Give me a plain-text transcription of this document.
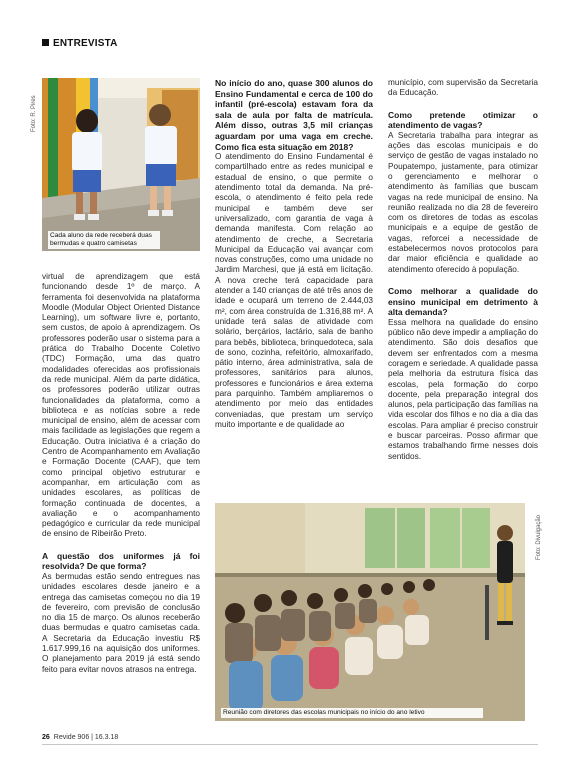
ENTREVISTA
Cada aluno da rede receberá duas bermudas e quatro camisetas
Foto: R. Pires

virtual de aprendizagem que está funcionando desde 1º de março. A ferramenta foi desenvolvida na plataforma Moodle (Modular Object Oriented Distance Learning), um software livre e, portanto, sem custos, de apoio à aprendizagem. Os professores poderão usar o sistema para a prática do Trabalho Docente Coletivo (TDC) Formação, uma das quatro modalidades oferecidas aos profissionais da rede municipal. Além da parte didática, os professores poderão utilizar outras funcionalidades da plataforma, como a biblioteca e as notícias sobre a rede municipal de ensino, além de acessar com mais facilidade as legislações que regem a Educação. Outra iniciativa é a criação do Centro de Acompanhamento em Avaliação e Formação Docente (CAAF), que tem como principal objetivo estruturar e acompanhar, em articulação com as unidades escolares, as políticas de formação continuada de docentes, a avaliação e o acompanhamento pedagógico e curricular da rede municipal de ensino de Ribeirão Preto.

A questão dos uniformes já foi resolvida? De que forma?

As bermudas estão sendo entregues nas unidades escolares desde janeiro e a entrega das camisetas começou no dia 19 de fevereiro, com previsão de conclusão no dia 15 de março. Os alunos receberão duas bermudas e quatro camisetas cada. A Secretaria da Educação investiu R$ 1.617.999,16 na aquisição dos uniformes. O planejamento para 2019 já está sendo feito para evitar novos atrasos na entrega.

No início do ano, quase 300 alunos do Ensino Fundamental e cerca de 100 do infantil (pré-escola) estavam fora da sala de aula por falta de matrícula. Além disso, outras 3,5 mil crianças aguardam por uma vaga em creche. Como fica esta situação em 2018?

O atendimento do Ensino Fundamental é compartilhado entre as redes municipal e estadual de ensino, o que permite o atendimento total da demanda. Na pré-escola, o atendimento é feito pela rede municipal e também deve ser universalizado, com garantia de vaga à demanda manifesta. Com relação ao atendimento de creche, a Secretaria Municipal da Educação vai avançar com novas construções, como uma unidade no Jardim Marchesi, que já está em licitação. A nova creche terá capacidade para atender a 140 crianças de até três anos de idade e ocupará um terreno de 2.444,03 m², com área construída de 1.316,88 m². A unidade terá salas de atividade com solário, berçários, lactário, sala de banho para bebês, biblioteca, brinquedoteca, sala de sono, cozinha, refeitório, almoxarifado, pátio interno, área administrativa, sala de professores, sanitários para alunos, professores e funcionários e área externa para parquinho. Também ampliaremos o atendimento por meio das entidades conveniadas, que prestam um serviço muito importante e de qualidade ao

município, com supervisão da Secretaria da Educação.

Como pretende otimizar o atendimento de vagas?

A Secretaria trabalha para integrar as ações das escolas municipais e do serviço de gestão de vagas instalado no Poupatempo, justamente, para otimizar o gerenciamento e melhorar o atendimento às famílias que buscam vagas na rede municipal de ensino. Na reunião realizada no dia 28 de fevereiro com os diretores de todas as escolas municipais e a equipe de gestão de vagas, reforcei a necessidade de estabelecermos novos protocolos para dar maior eficiência e qualidade ao atendimento oferecido à população.

Como melhorar a qualidade do ensino municipal em detrimento à alta demanda?

Essa melhora na qualidade do ensino público não deve impedir a ampliação do atendimento. São dois desafios que devem ser enfrentados com a mesma coragem e seriedade. A qualidade passa pela melhoria da estrutura física das escolas, pela formação do corpo docente, pela preparação integral dos alunos, pela participação das famílias na vida escolar dos filhos e no dia a dia das escolas. Para ampliar é preciso construir e buscar parceiras. Posso afirmar que estamos trabalhando firme nesses dois sentidos.

Reunião com diretores das escolas municipais no início do ano letivo
Foto: Divulgação
26 Revide 906 | 16.3.18
